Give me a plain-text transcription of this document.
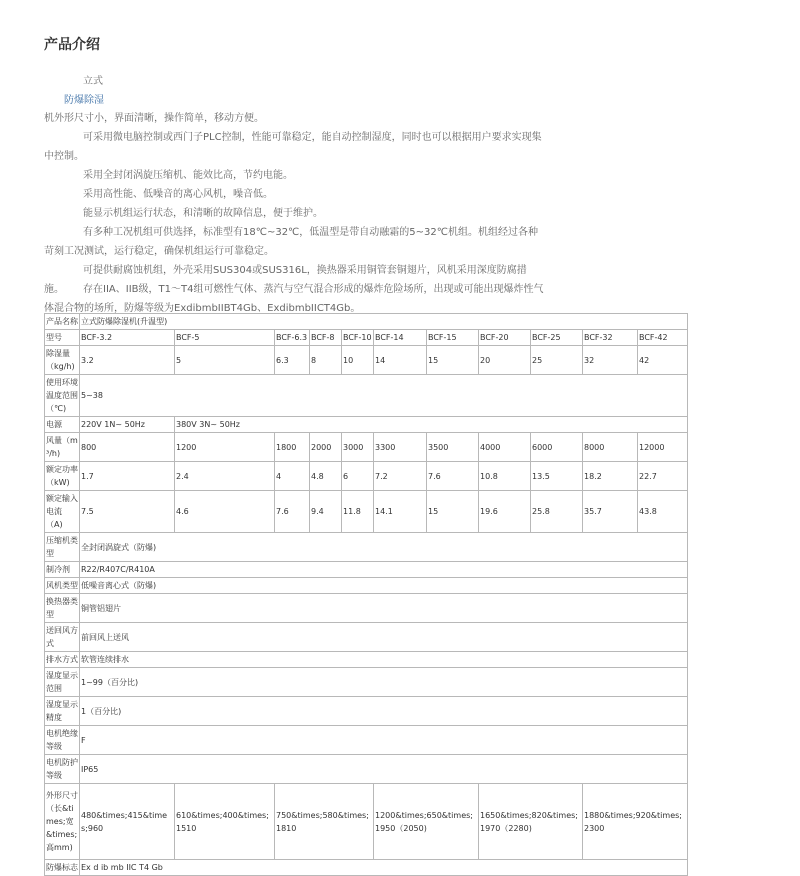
产品介绍
立式
防爆除湿

机外形尺寸小，界面清晰，操作简单，移动方便。

可采用微电脑控制或西门子PLC控制，性能可靠稳定，能自动控制湿度，同时也可以根据用户要求实现集中控制。

采用全封闭涡旋压缩机、能效比高，节约电能。

采用高性能、低噪音的离心风机，噪音低。

能显示机组运行状态，和清晰的故障信息，便于维护。

有多种工况机组可供选择，标准型有18℃~32℃，低温型是带自动融霜的5~32℃机组。机组经过各种苛刻工况测试，运行稳定，确保机组运行可靠稳定。

可提供耐腐蚀机组，外壳采用SUS304或SUS316L，换热器采用铜管套铜翅片，风机采用深度防腐措施。	存在IIA、IIB级，T1～T4组可燃性气体、蒸汽与空气混合形成的爆炸危险场所，出现或可能出现爆炸性气体混合物的场所，防爆等级为ExdibmbIIBT4Gb、ExdibmbIICT4Gb。

产品名称	立式防爆除湿机(升温型)										
型号	BCF-3.2	BCF-5	BCF-6.3	BCF-8	BCF-10	BCF-14	BCF-15	BCF-20	BCF-25	BCF-32	BCF-42
除湿量（kg/h)	3.2	5	6.3	8	10	14	15	20	25	32	42
使用环境温度范围（℃)	5~38										
电源	220V 1N~ 50Hz	380V 3N~ 50Hz									
风量（m³/h)	800	1200	1800	2000	3000	3300	3500	4000	6000	8000	12000
额定功率（kW)	1.7	2.4	4	4.8	6	7.2	7.6	10.8	13.5	18.2	22.7
额定输入电流（A)	7.5	4.6	7.6	9.4	11.8	14.1	15	19.6	25.8	35.7	43.8
压缩机类型	全封闭涡旋式（防爆)										
制冷剂	R22/R407C/R410A										
风机类型	低噪音离心式（防爆)										
换热器类型	铜管铝翅片										
送回风方式	前回风上送风										
排水方式	软管连续排水										
湿度显示范围	1~99（百分比)										
湿度显示精度	1（百分比)										
电机绝缘等级	F										
电机防护等级	IP65										
外形尺寸（长&times;宽&times;高mm)	480&times;415&times;960	610&times;400&times;1510	750&times;580&times;1810			1200&times;650&times;1950（2050)		1650&times;820&times;1970（2280)		1880&times;920&times;2300	
防爆标志	Ex d ib mb IIC T4 Gb										
